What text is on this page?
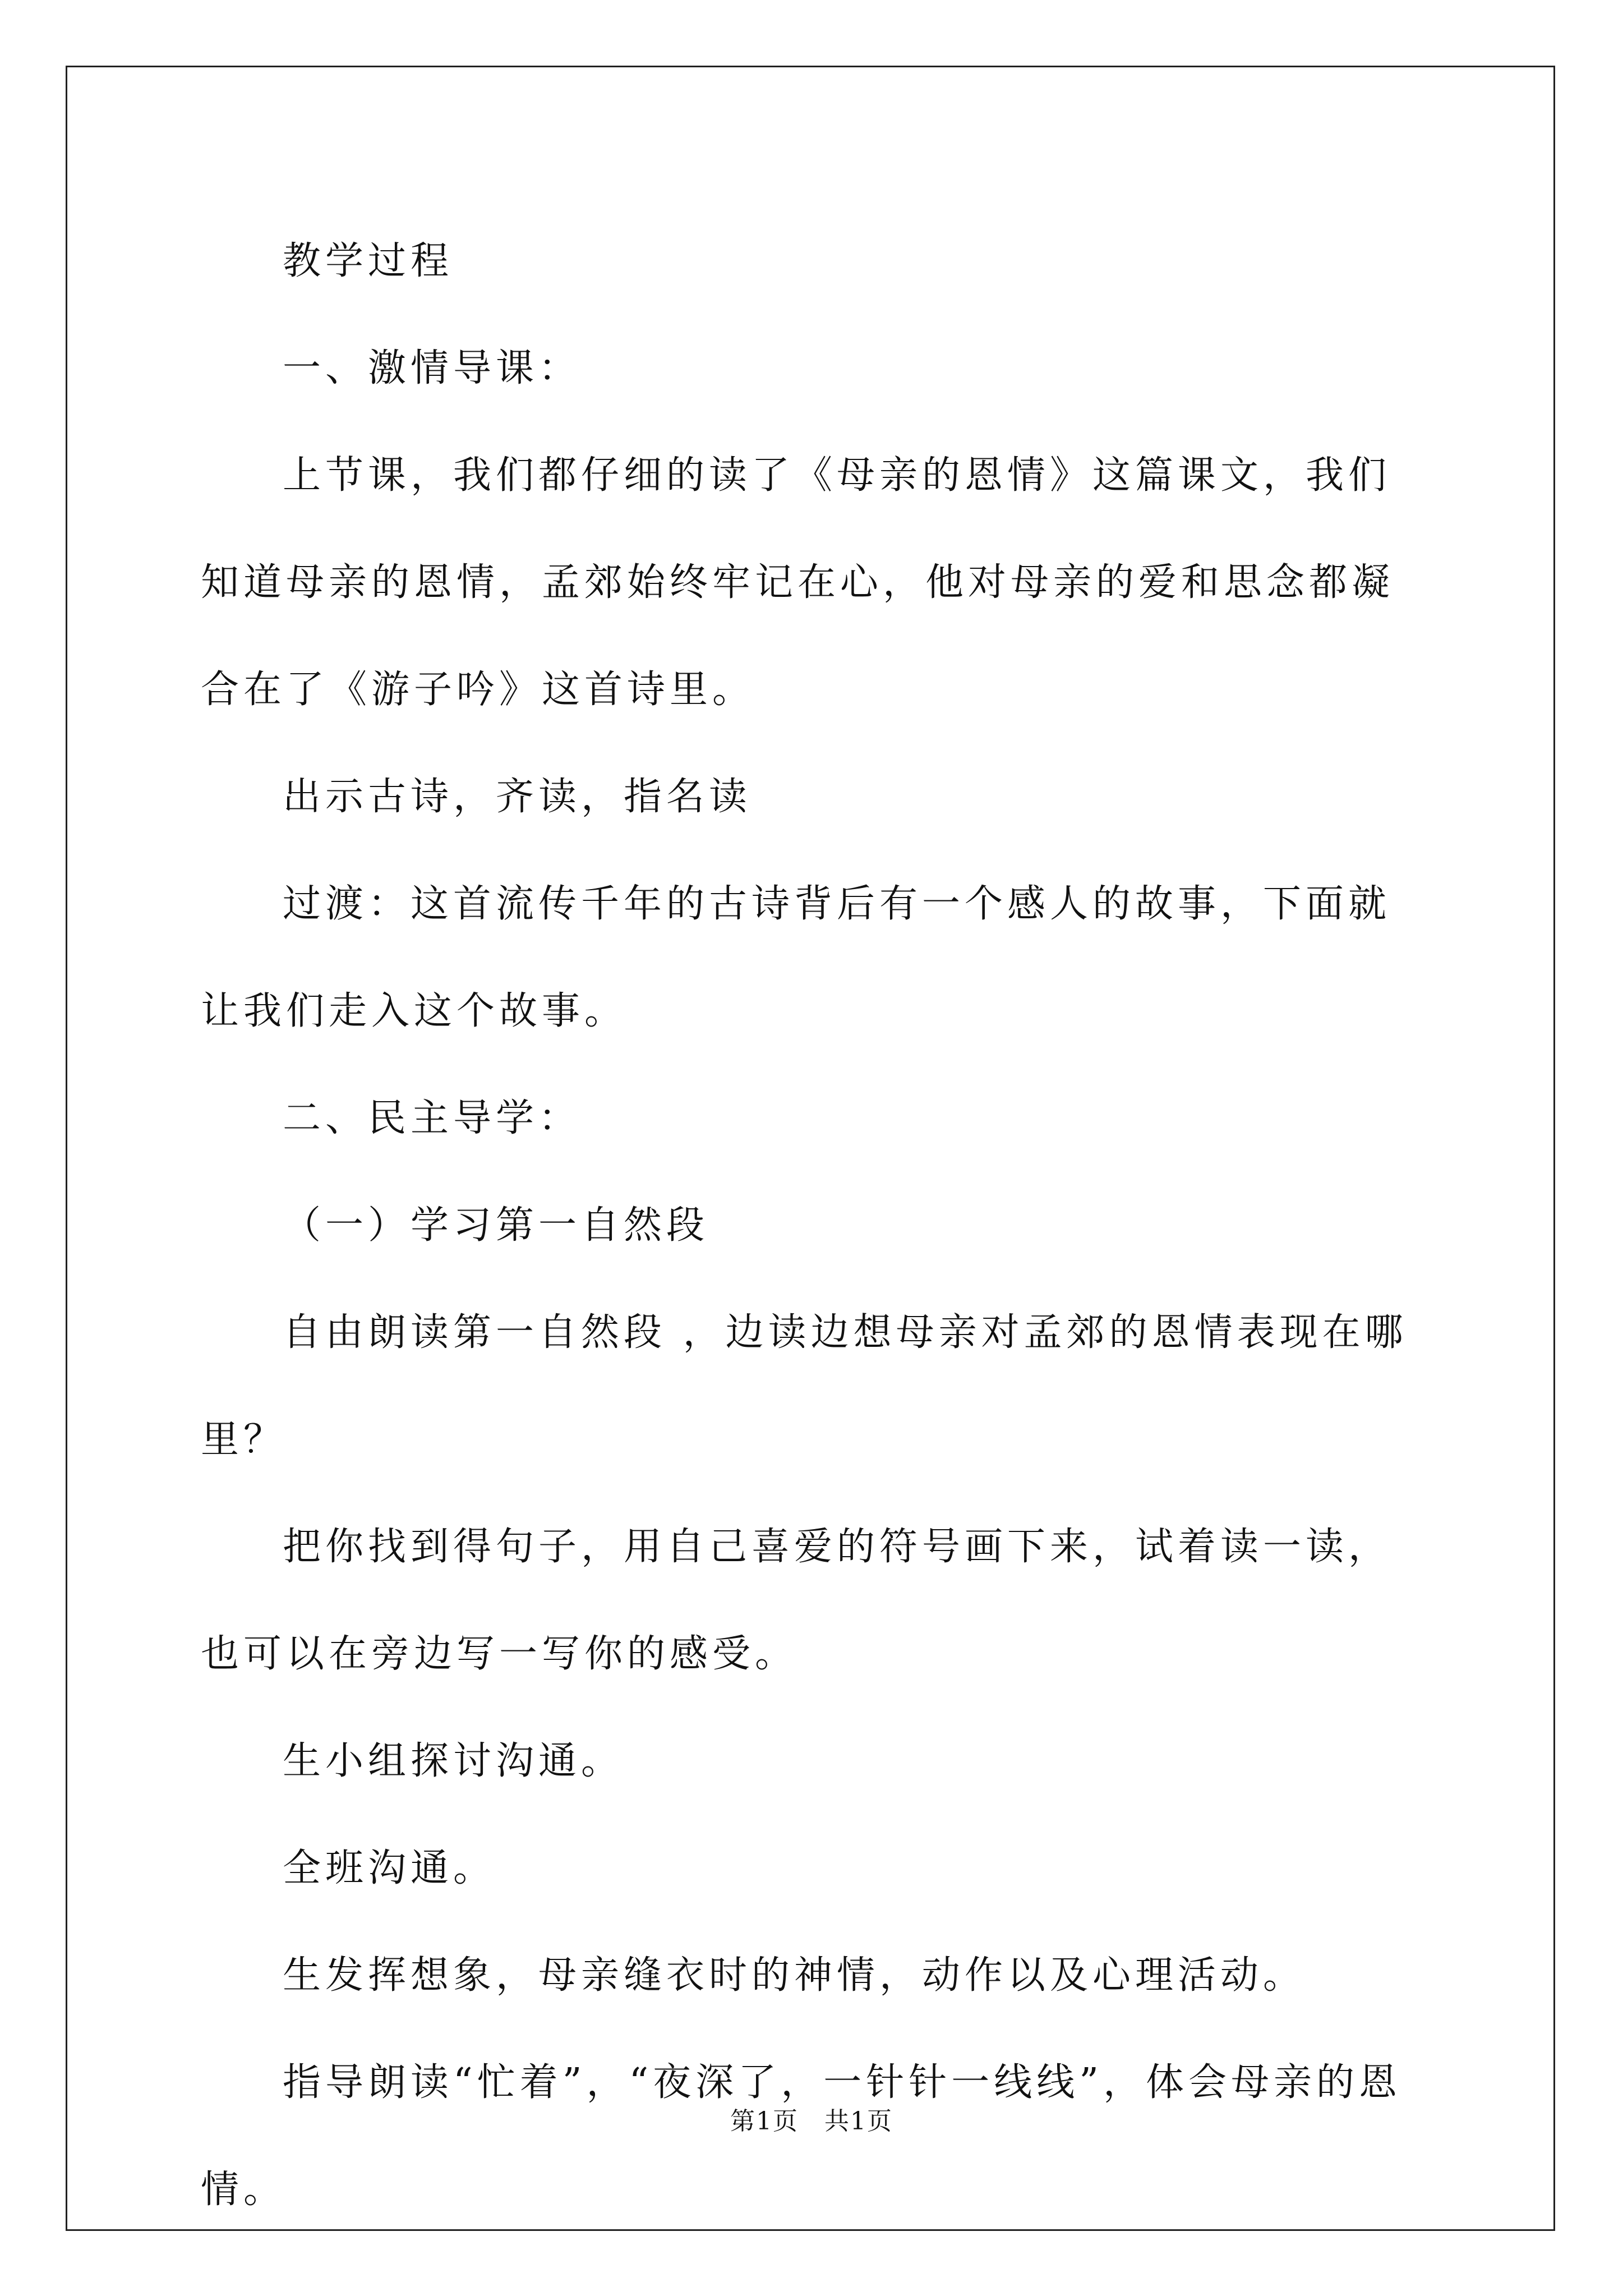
教学过程

一、激情导课：

上节课，我们都仔细的读了《母亲的恩情》这篇课文，我们知道母亲的恩情，孟郊始终牢记在心，他对母亲的爱和思念都凝合在了《游子吟》这首诗里。

出示古诗，齐读，指名读

过渡：这首流传千年的古诗背后有一个感人的故事，下面就让我们走入这个故事。

二、民主导学：

（一）学习第一自然段

自由朗读第一自然段 ，边读边想母亲对孟郊的恩情表现在哪里？

把你找到得句子，用自己喜爱的符号画下来，试着读一读，也可以在旁边写一写你的感受。

生小组探讨沟通。

全班沟通。

生发挥想象，母亲缝衣时的神情，动作以及心理活动。

指导朗读“忙着”，“夜深了，一针针一线线”，体会母亲的恩情。

第1页　共1页
